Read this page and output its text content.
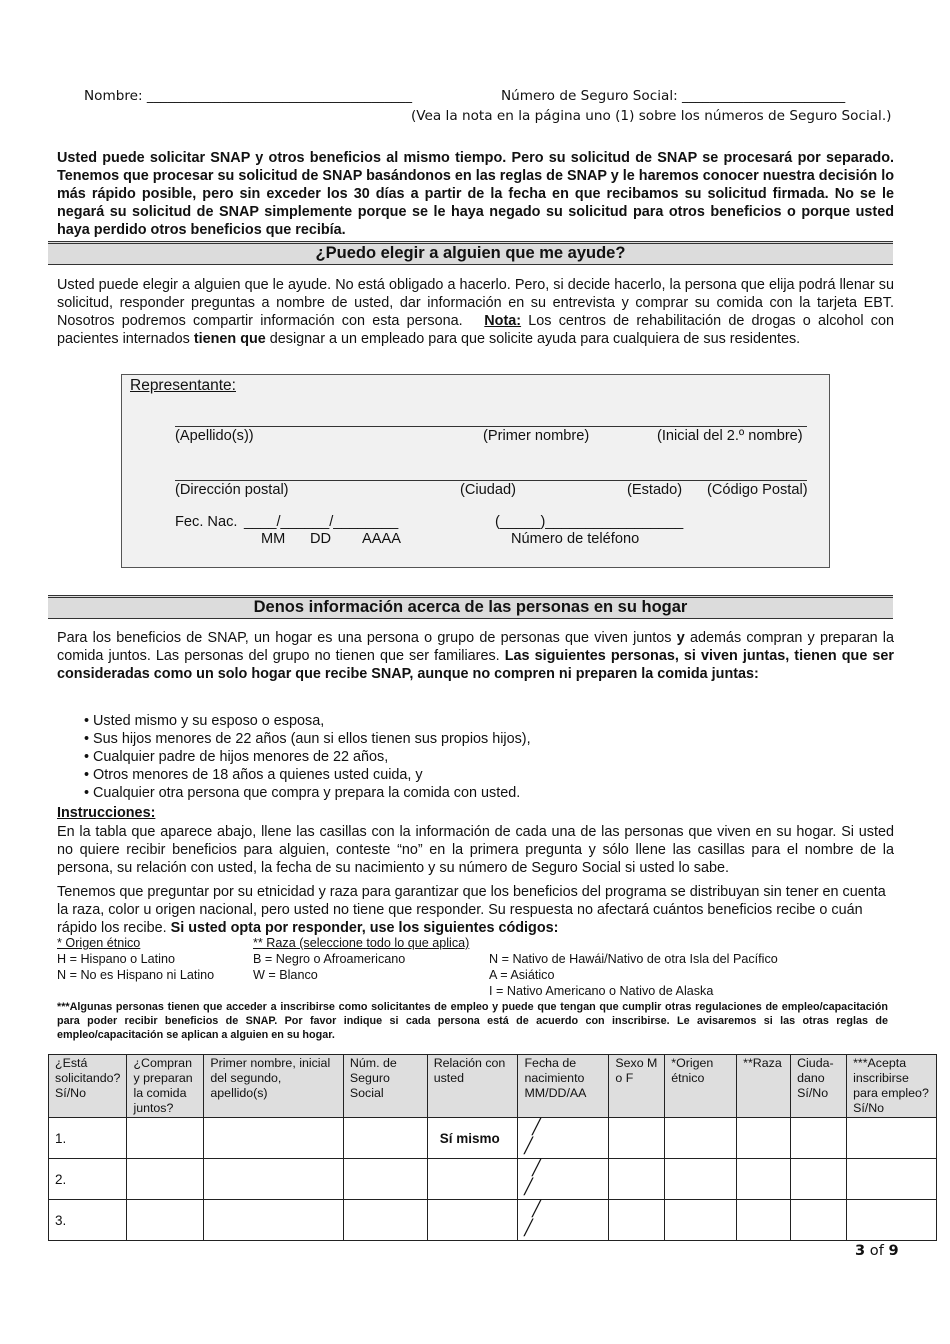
Nombre: _______________________________________	Número de Seguro Social: ________________________
(Vea la nota en la página uno (1) sobre los números de Seguro Social.)
Usted puede solicitar SNAP y otros beneficios al mismo tiempo. Pero su solicitud de SNAP se procesará por separado. Tenemos que procesar su solicitud de SNAP basándonos en las reglas de SNAP y le haremos conocer nuestra decisión lo más rápido posible, pero sin exceder los 30 días a partir de la fecha en que recibamos su solicitud firmada. No se le negará su solicitud de SNAP simplemente porque se le haya negado su solicitud para otros beneficios o porque usted haya perdido otros beneficios que recibía.
¿Puedo elegir a alguien que me ayude?
Usted puede elegir a alguien que le ayude. No está obligado a hacerlo. Pero, si decide hacerlo, la persona que elija podrá llenar su solicitud, responder preguntas a nombre de usted, dar información en su entrevista y comprar su comida con la tarjeta EBT. Nosotros podremos compartir información con esta persona. Nota: Los centros de rehabilitación de drogas o alcohol con pacientes internados tienen que designar a un empleado para que solicite ayuda para cualquiera de sus residentes.
Representante:
(Apellido(s))	(Primer nombre)	(Inicial del 2.º nombre)
(Dirección postal)	(Ciudad)	(Estado) (Código Postal)
Fec. Nac. ____/______/________
MM DD AAAA
(_____)_________________
Número de teléfono
Denos información acerca de las personas en su hogar
Para los beneficios de SNAP, un hogar es una persona o grupo de personas que viven juntos y además compran y preparan la comida juntos. Las personas del grupo no tienen que ser familiares. Las siguientes personas, si viven juntas, tienen que ser consideradas como un solo hogar que recibe SNAP, aunque no compren ni preparen la comida juntas:
• Usted mismo y su esposo o esposa,
• Sus hijos menores de 22 años (aun si ellos tienen sus propios hijos),
• Cualquier padre de hijos menores de 22 años,
• Otros menores de 18 años a quienes usted cuida, y
• Cualquier otra persona que compra y prepara la comida con usted.
Instrucciones:
En la tabla que aparece abajo, llene las casillas con la información de cada una de las personas que viven en su hogar. Si usted no quiere recibir beneficios para alguien, conteste “no” en la primera pregunta y sólo llene las casillas para el nombre de la persona, su relación con usted, la fecha de su nacimiento y su número de Seguro Social si usted lo sabe.
Tenemos que preguntar por su etnicidad y raza para garantizar que los beneficios del programa se distribuyan sin tener en cuenta la raza, color u origen nacional, pero usted no tiene que responder. Su respuesta no afectará cuántos beneficios recibe o cuán rápido los recibe. Si usted opta por responder, use los siguientes códigos:
* Origen étnico	** Raza (seleccione todo lo que aplica)
H = Hispano o Latino	B = Negro o Afroamericano	N = Nativo de Hawái/Nativo de otra Isla del Pacífico
N = No es Hispano ni Latino	W = Blanco	A = Asiático
I = Nativo Americano o Nativo de Alaska
***Algunas personas tienen que acceder a inscribirse como solicitantes de empleo y puede que tengan que cumplir otras regulaciones de empleo/capacitación para poder recibir beneficios de SNAP. Por favor indique si cada persona está de acuerdo con inscribirse. Le avisaremos si las otras reglas de empleo/capacitación se aplican a alguien en su hogar.
¿Está solicitando? Sí/No	¿Compran y preparan la comida juntos?	Primer nombre, inicial del segundo, apellido(s)	Núm. de Seguro Social	Relación con usted	Fecha de nacimiento MM/DD/AA	Sexo M o F	*Origen étnico	**Raza	Ciuda-dano Sí/No	***Acepta inscribirse para empleo? Sí/No
1.				Sí mismo	/ /					
2.					/ /					
3.					/ /					
3 of 9
